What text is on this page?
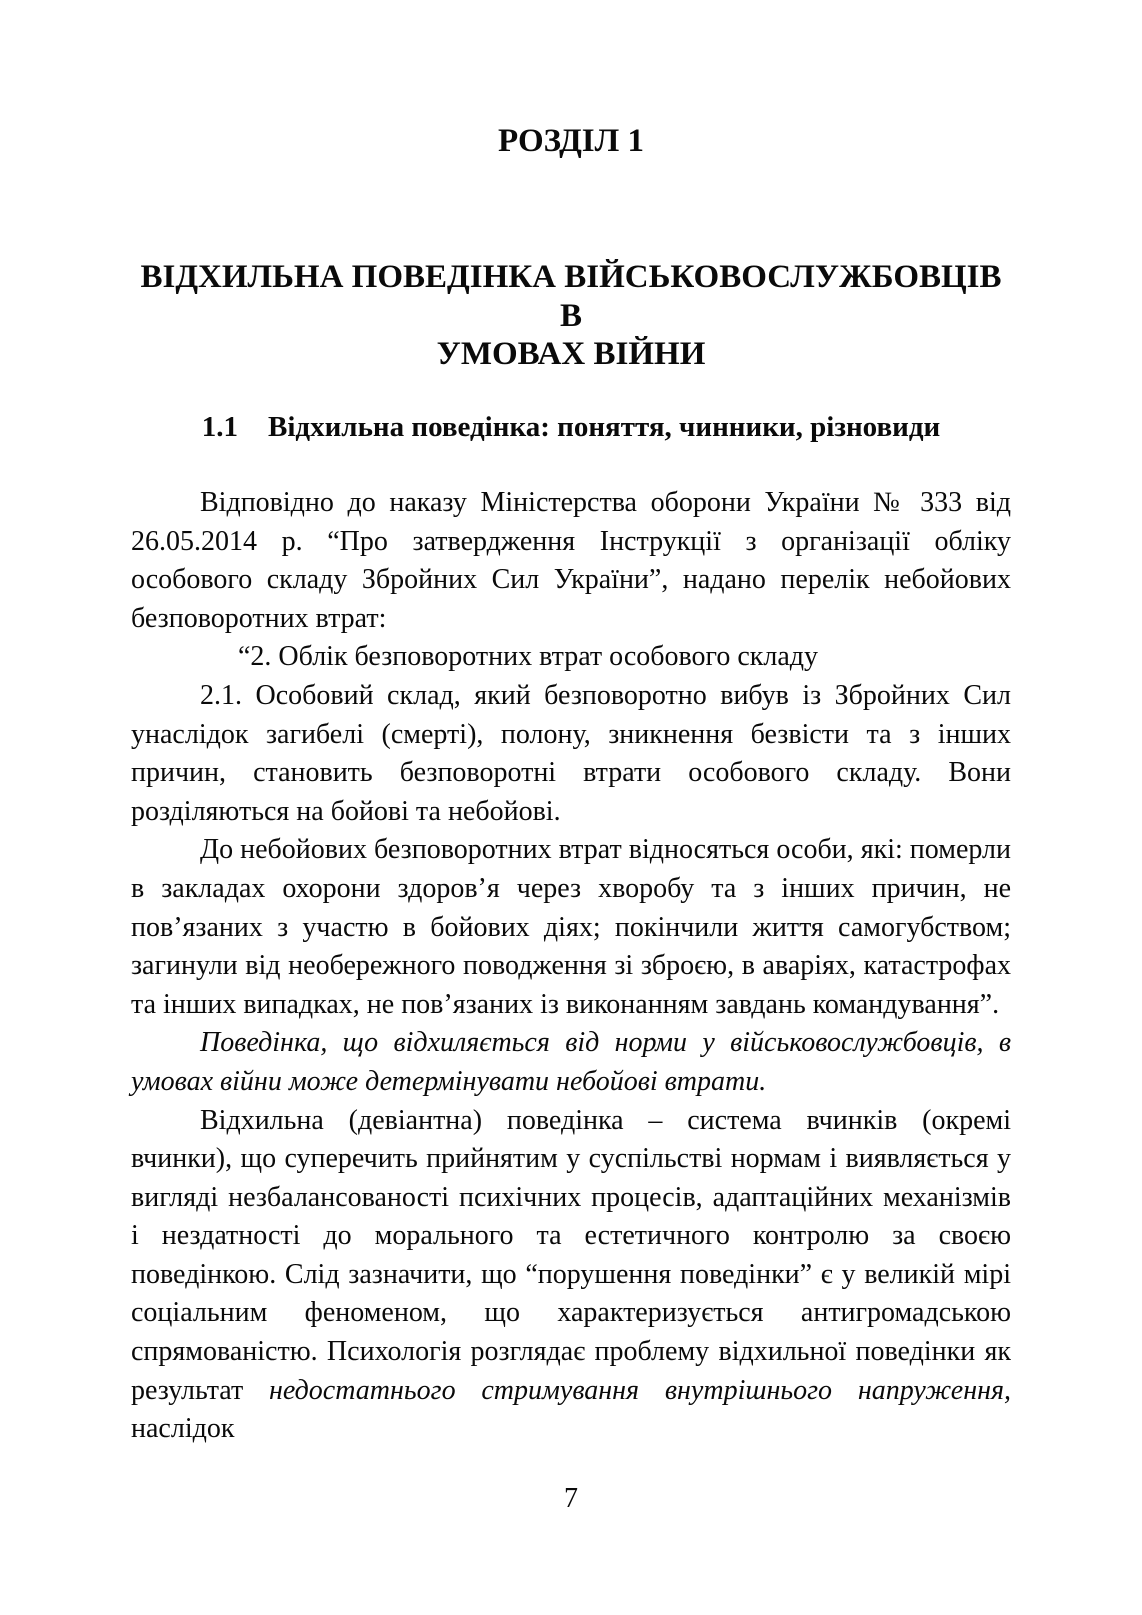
РОЗДІЛ 1
ВІДХИЛЬНА ПОВЕДІНКА ВІЙСЬКОВОСЛУЖБОВЦІВ В
УМОВАХ ВІЙНИ
1.1 Відхильна поведінка: поняття, чинники, різновиди

Відповідно до наказу Міністерства оборони України № 333 від 26.05.2014 р. “Про затвердження Інструкції з організації обліку особового складу Збройних Сил України”, надано перелік небойових безповоротних втрат:

“2. Облік безповоротних втрат особового складу

2.1. Особовий склад, який безповоротно вибув із Збройних Сил унаслідок загибелі (смерті), полону, зникнення безвісти та з інших причин, становить безповоротні втрати особового складу. Вони розділяються на бойові та небойові.

До небойових безповоротних втрат відносяться особи, які: померли в закладах охорони здоров’я через хворобу та з інших причин, не пов’язаних з участю в бойових діях; покінчили життя самогубством; загинули від необережного поводження зі зброєю, в аваріях, катастрофах та інших випадках, не пов’язаних із виконанням завдань командування”.

Поведінка, що відхиляється від норми у військовослужбовців, в умовах війни може детермінувати небойові втрати.

Відхильна (девіантна) поведінка – система вчинків (окремі вчинки), що суперечить прийнятим у суспільстві нормам і виявляється у вигляді незбалансованості психічних процесів, адаптаційних механізмів і нездатності до морального та естетичного контролю за своєю поведінкою. Слід зазначити, що “порушення поведінки” є у великій мірі соціальним феноменом, що характеризується антигромадською спрямованістю. Психологія розглядає проблему відхильної поведінки як результат недостатнього стримування внутрішнього напруження, наслідок

7
